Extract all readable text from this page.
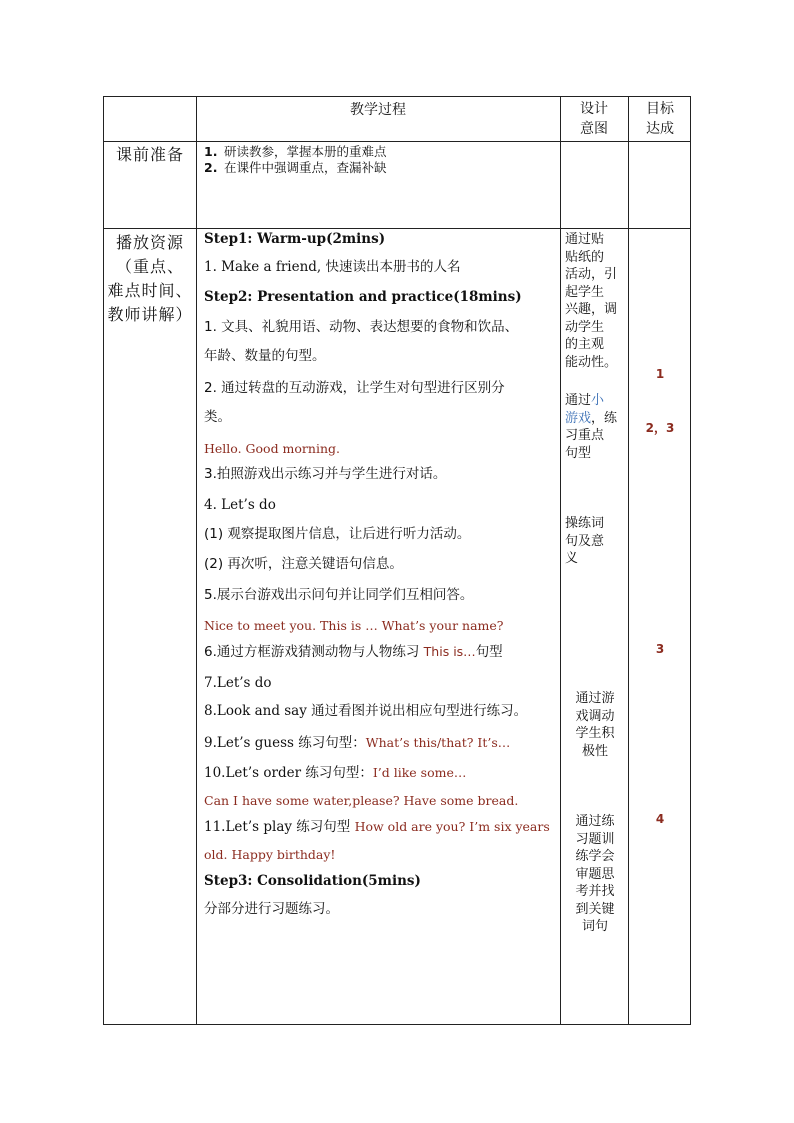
教学过程	设计
意图
目标
达成
课前准备	1. 研读教参，掌握本册的重难点
2. 在课件中强调重点，查漏补缺
播放资源
（重点、
难点时间、
教师讲解）
Step1: Warm-up(2mins)
1. Make a friend, 快速读出本册书的人名
Step2: Presentation and practice(18mins)
1. 文具、礼貌用语、动物、表达想要的食物和饮品、
年龄、数量的句型。
2. 通过转盘的互动游戏，让学生对句型进行区别分
类。
Hello. Good morning.
3.拍照游戏出示练习并与学生进行对话。
4. Let’s do
(1) 观察提取图片信息，让后进行听力活动。
(2) 再次听，注意关键语句信息。
5.展示台游戏出示问句并让同学们互相问答。
Nice to meet you. This is … What’s your name?
6.通过方框游戏猜测动物与人物练习 This is…句型
7.Let’s do
8.Look and say 通过看图并说出相应句型进行练习。
9.Let’s guess 练习句型：What’s this/that? It’s…
10.Let’s order 练习句型：I’d like some…
Can I have some water,please? Have some bread.
11.Let’s play 练习句型 How old are you? I’m six years
old. Happy birthday!
Step3: Consolidation(5mins)
分部分进行习题练习。
通过贴
贴纸的
活动，引
起学生
兴趣，调
动学生
的主观
能动性。
通过小
游戏，练
习重点
句型
操练词
句及意
义
通过游
戏调动
学生积
极性
通过练
习题训
练学会
审题思
考并找
到关键
词句
1
2，3
3
4
